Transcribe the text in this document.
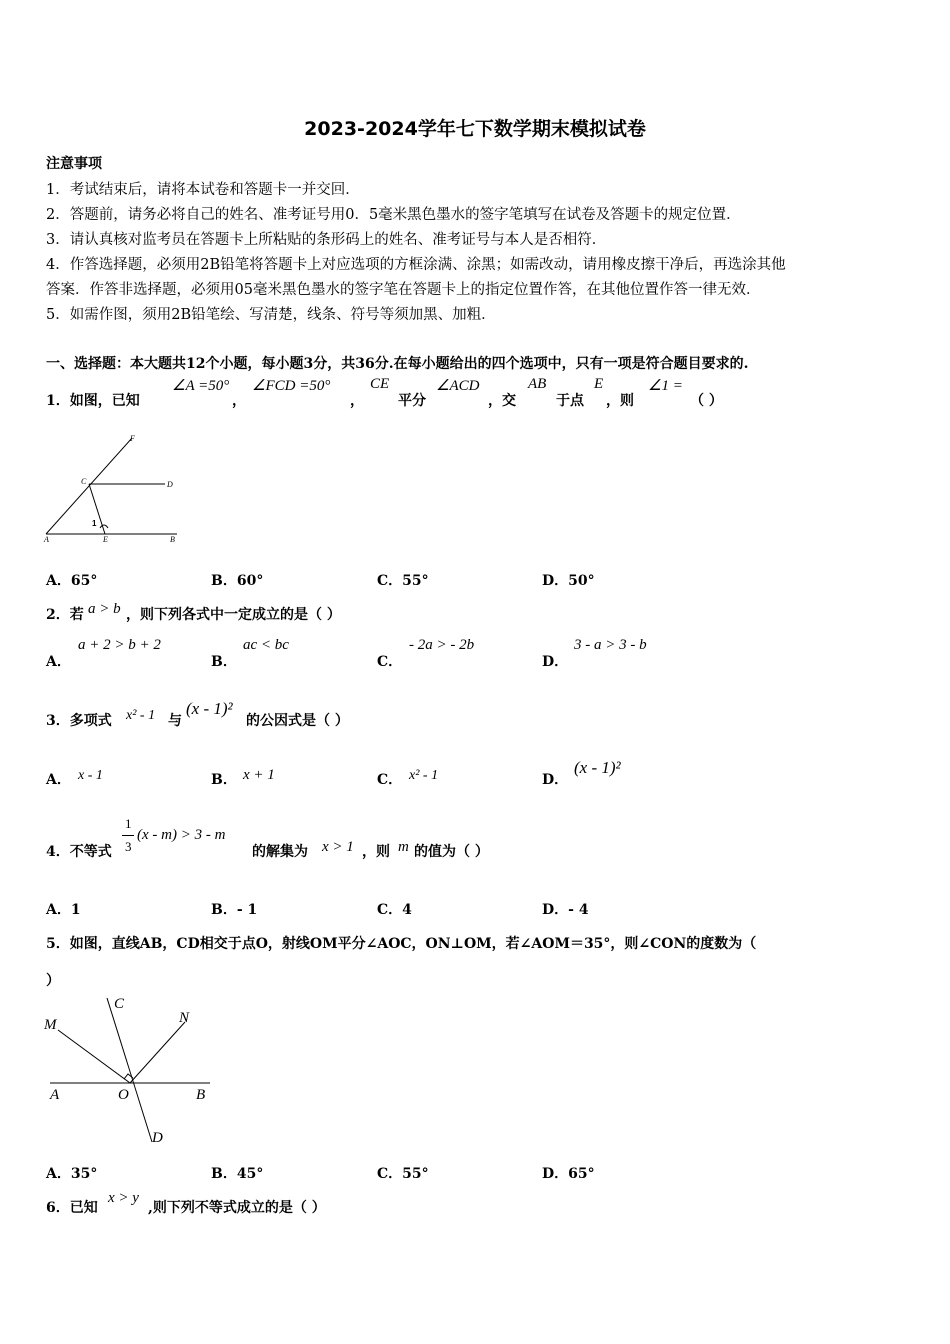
2023-2024学年七下数学期末模拟试卷
注意事项
1．考试结束后，请将本试卷和答题卡一并交回．
2．答题前，请务必将自己的姓名、准考证号用0．5毫米黑色墨水的签字笔填写在试卷及答题卡的规定位置．
3．请认真核对监考员在答题卡上所粘贴的条形码上的姓名、准考证号与本人是否相符．
4．作答选择题，必须用2B铅笔将答题卡上对应选项的方框涂满、涂黑；如需改动，请用橡皮擦干净后，再选涂其他
答案．作答非选择题，必须用05毫米黑色墨水的签字笔在答题卡上的指定位置作答，在其他位置作答一律无效．
5．如需作图，须用2B铅笔绘、写清楚，线条、符号等须加黑、加粗．
一、选择题：本大题共12个小题，每小题3分，共36分.在每小题给出的四个选项中，只有一项是符合题目要求的.
1．如图，已知
∠A =50°
，
∠FCD =50°
，
CE
平分
∠ACD
，交
AB
于点
E
，则
∠1 =
（ ）
F
C	D
A	E	B
1
A．65°	B．60°	C．55°	D．50°
2．若 a > b ，则下列各式中一定成立的是（ ）
A．
a + 2 > b + 2
B．
ac < bc
C．
- 2a > - 2b
D．
3 - a > 3 - b
3．多项式 x² - 1 与
(x - 1)²
的公因式是（ ）
A． x - 1	B． x + 1	C． x² - 1	D．
(x - 1)²
4．不等式
1
3
(x - m) > 3 - m
的解集为 x > 1 ，则 m 的值为（ ）
A．1	B．- 1	C．4	D．- 4
5．如图，直线AB，CD相交于点O，射线OM平分∠AOC，ON⊥OM，若∠AOM＝35°，则∠CON的度数为（
）
C
M	N
A	O	B
D
A．35°	B．45°	C．55°	D．65°
6．已知
x > y
,则下列不等式成立的是（ ）
